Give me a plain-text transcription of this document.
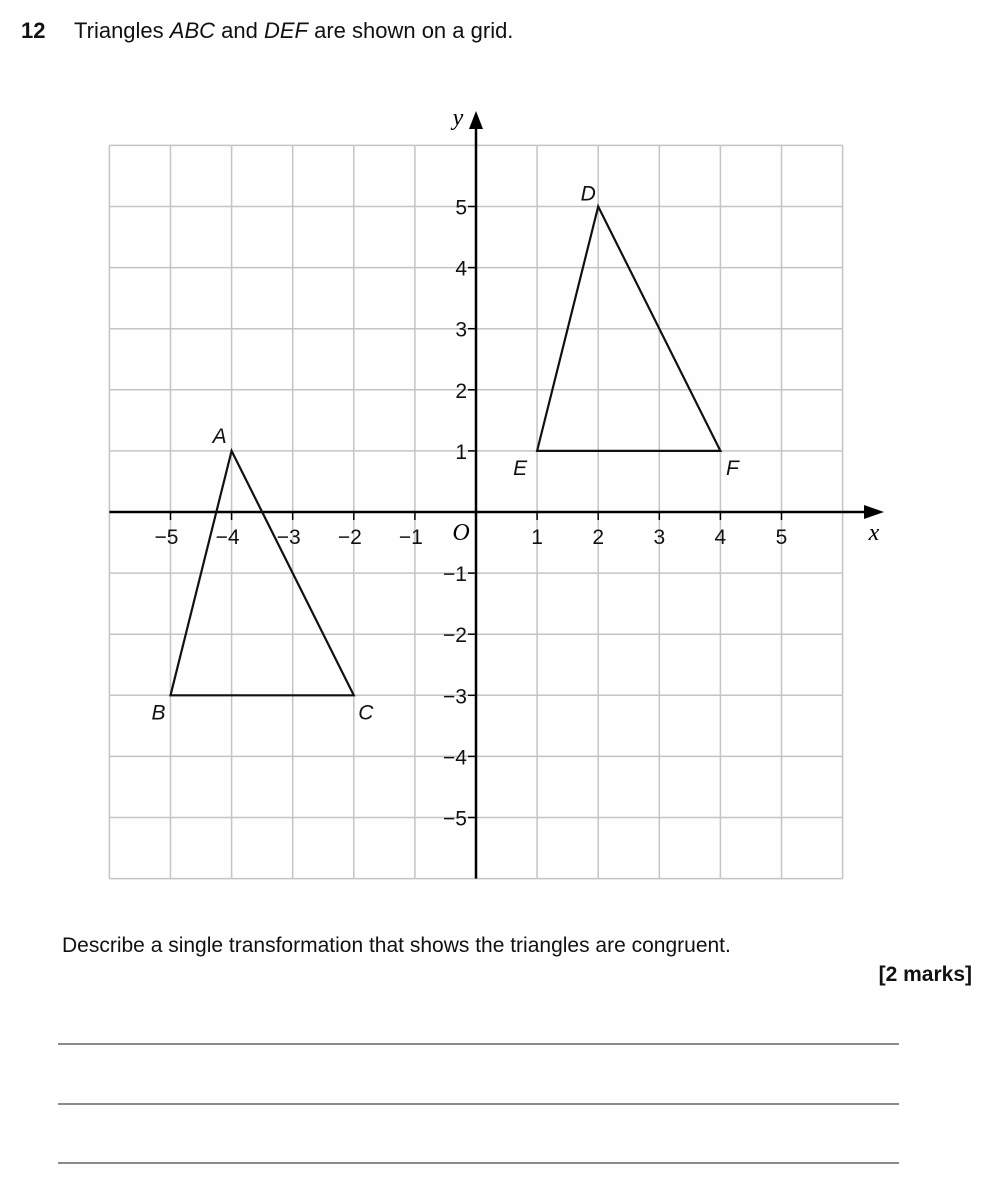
12 Triangles ABC and DEF are shown on a grid.
x
y
O
−5 −4 −3 −2 −1	1 2 3 4 5
5
4
3
2
1
−1
−2
−3
−4
−5
A
B	C
D
E	F
Describe a single transformation that shows the triangles are congruent.
[2 marks]
